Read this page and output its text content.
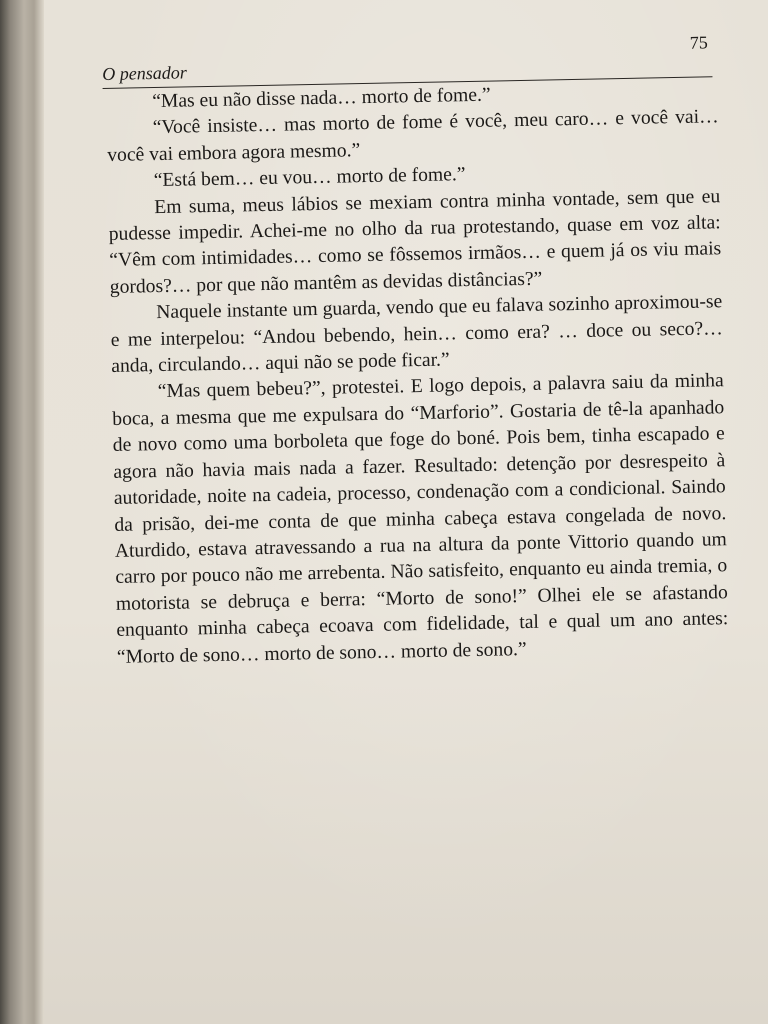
O pensador
75

“Mas eu não disse nada… morto de fome.”

“Você insiste… mas morto de fome é você, meu caro… e você vai… você vai embora agora mesmo.”

“Está bem… eu vou… morto de fome.”

Em suma, meus lábios se mexiam contra minha vontade, sem que eu pudesse impedir. Achei-me no olho da rua protestando, quase em voz alta: “Vêm com intimidades… como se fôssemos irmãos… e quem já os viu mais gordos?… por que não mantêm as devidas distâncias?”

Naquele instante um guarda, vendo que eu falava sozinho aproximou-se e me interpelou: “Andou bebendo, hein… como era? … doce ou seco?… anda, circulando… aqui não se pode ficar.”

“Mas quem bebeu?”, protestei. E logo depois, a palavra saiu da minha boca, a mesma que me expulsara do “Marforio”. Gostaria de tê-la apanhado de novo como uma borboleta que foge do boné. Pois bem, tinha escapado e agora não havia mais nada a fazer. Resultado: detenção por desrespeito à autoridade, noite na cadeia, processo, condenação com a condicional. Saindo da prisão, dei-me conta de que minha cabeça estava congelada de novo. Aturdido, estava atravessando a rua na altura da ponte Vittorio quando um carro por pouco não me arrebenta. Não satisfeito, enquanto eu ainda tremia, o motorista se debruça e berra: “Morto de sono!” Olhei ele se afastando enquanto minha cabeça ecoava com fidelidade, tal e qual um ano antes: “Morto de sono… morto de sono… morto de sono.”
